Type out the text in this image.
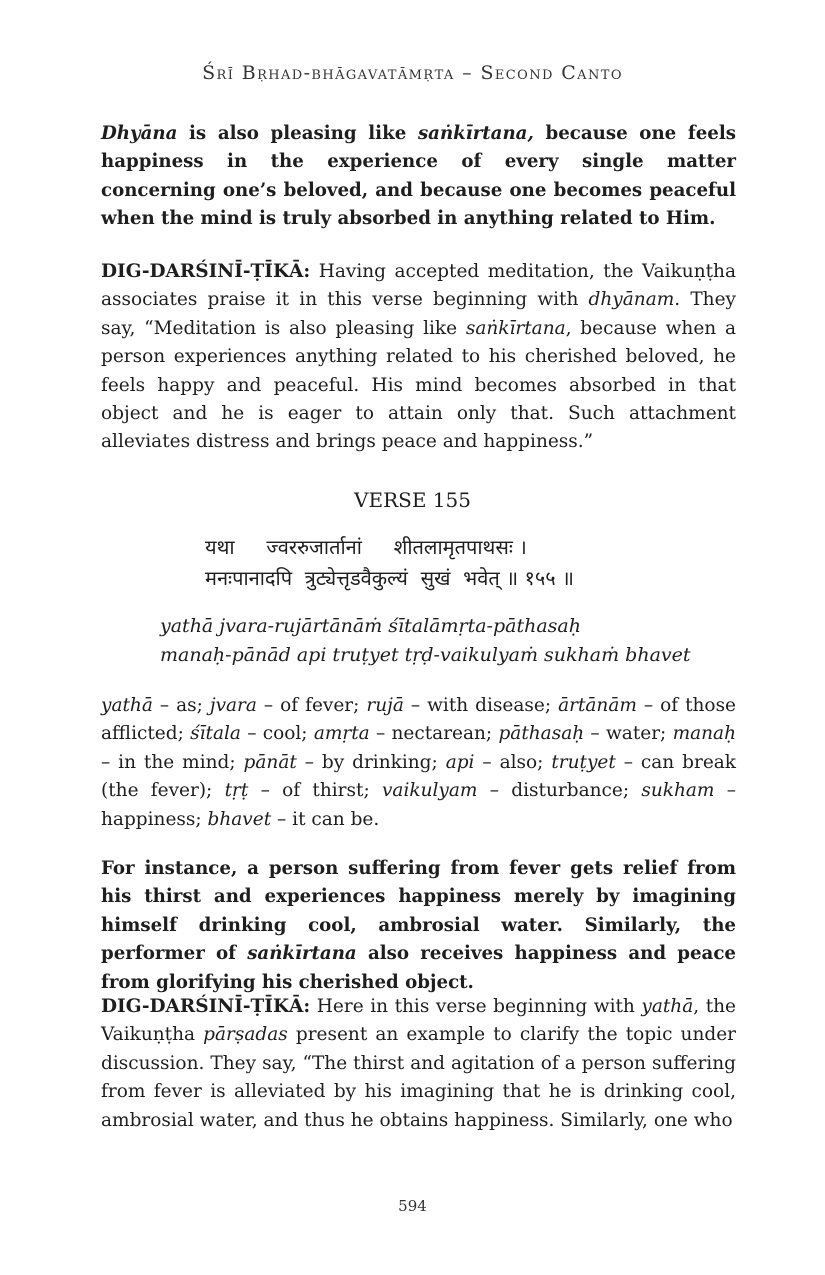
Śrī Bṛhad-bhāgavatāmṛta – Second Canto
Dhyāna is also pleasing like saṅkīrtana, because one feels happiness in the experience of every single matter concerning one’s beloved, and because one becomes peaceful when the mind is truly absorbed in anything related to Him.
DIG-DARŚINĪ-ṬĪKĀ: Having accepted meditation, the Vaikuṇṭha associates praise it in this verse beginning with dhyānam. They say, “Meditation is also pleasing like saṅkīrtana, because when a person experiences anything related to his cherished beloved, he feels happy and peaceful. His mind becomes absorbed in that object and he is eager to attain only that. Such attachment alleviates distress and brings peace and happiness.”
VERSE 155
यथा     ज्वररुजार्तानां     शीतलामृतपाथसः ।
मनःपानादपि  त्रुट्येत्तृडवैकुल्यं  सुखं  भवेत् ॥ १५५ ॥
yathā jvara-rujārtānāṁ śītalāmṛta-pāthasaḥ
manaḥ-pānād api truṭyet tṛḍ-vaikulyaṁ sukhaṁ bhavet
yathā – as; jvara – of fever; rujā – with disease; ārtānām – of those afflicted; śītala – cool; amṛta – nectarean; pāthasaḥ – water; manaḥ – in the mind; pānāt – by drinking; api – also; truṭyet – can break (the fever); tṛṭ – of thirst; vaikulyam – disturbance; sukham – happiness; bhavet – it can be.
For instance, a person suffering from fever gets relief from his thirst and experiences happiness merely by imagining himself drinking cool, ambrosial water. Similarly, the performer of saṅkīrtana also receives happiness and peace from glorifying his cherished object.
DIG-DARŚINĪ-ṬĪKĀ: Here in this verse beginning with yathā, the Vaikuṇṭha pārṣadas present an example to clarify the topic under discussion. They say, “The thirst and agitation of a person suffering from fever is alleviated by his imagining that he is drinking cool, ambrosial water, and thus he obtains happiness. Similarly, one who
594
